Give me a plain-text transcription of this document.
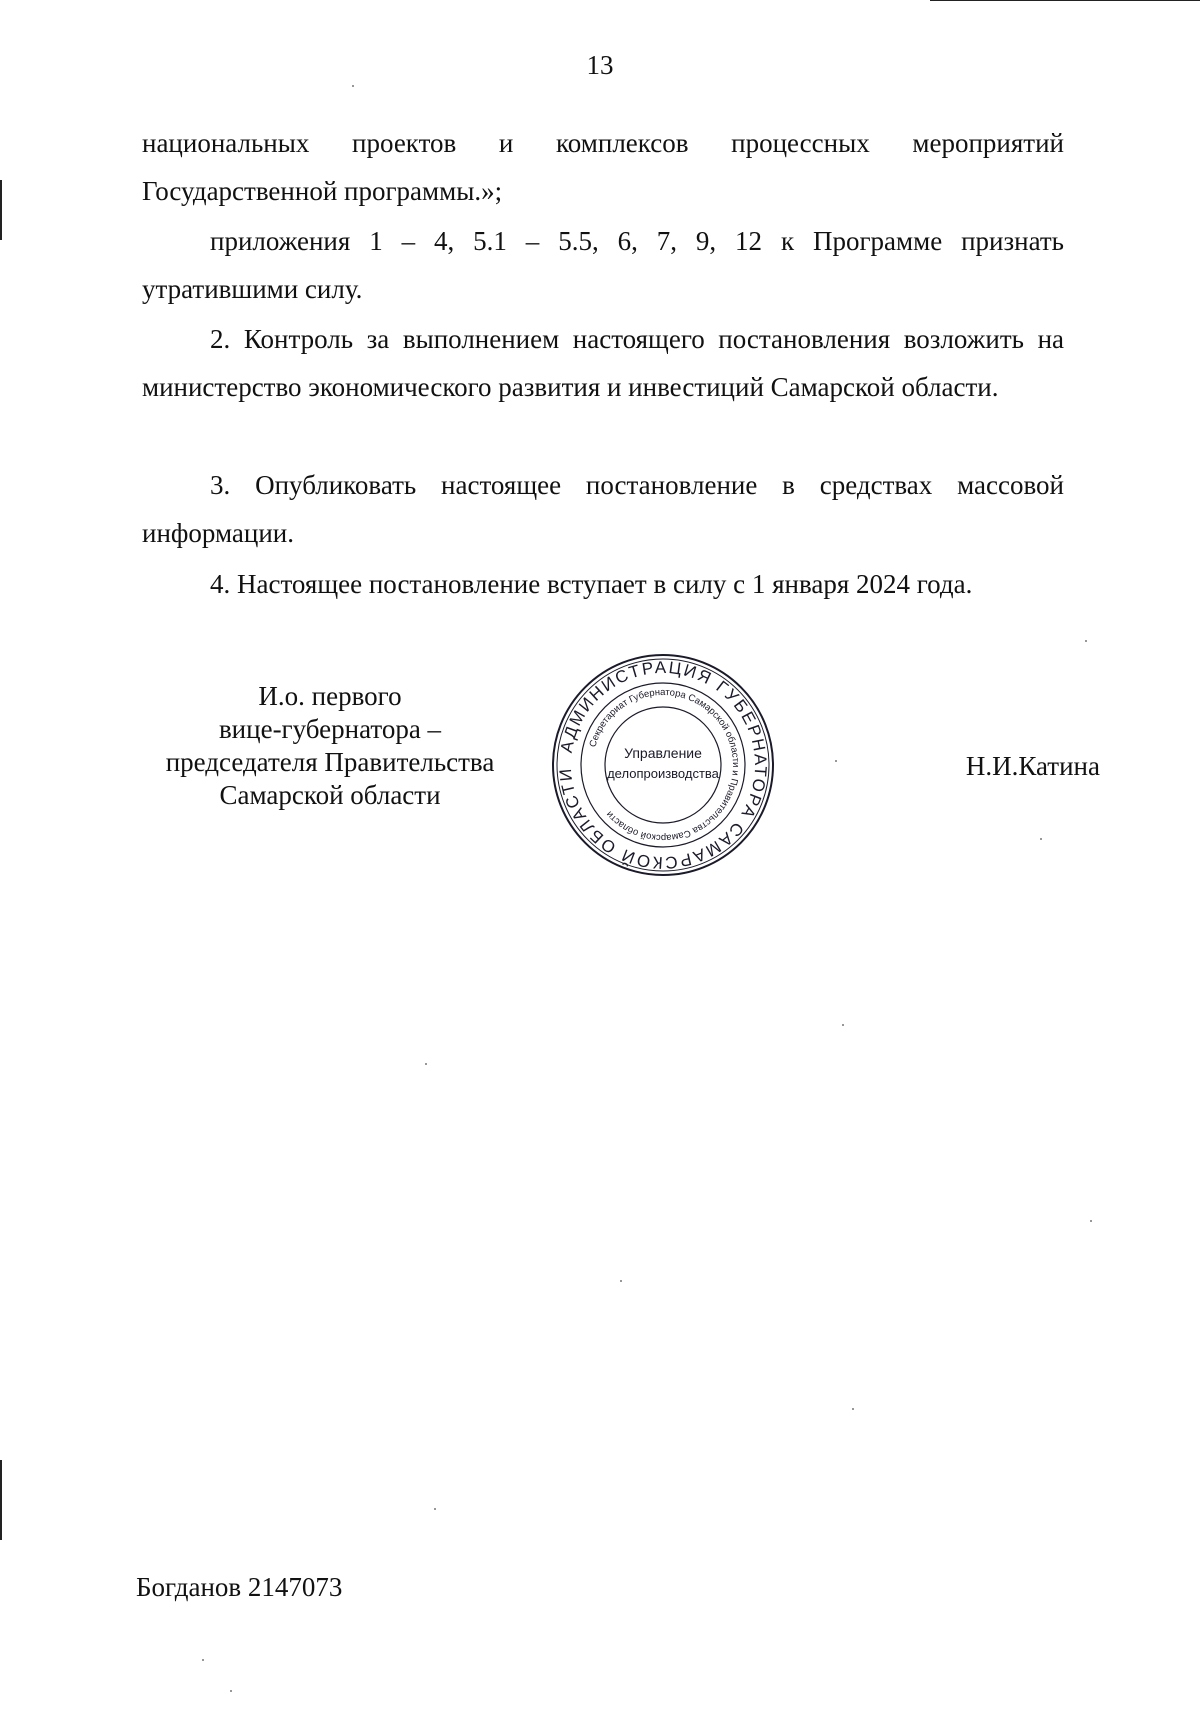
13

национальных проектов и комплексов процессных мероприятий Государственной программы.»;

приложения 1 – 4, 5.1 – 5.5, 6, 7, 9, 12 к Программе признать утратившими силу.

2. Контроль за выполнением настоящего постановления возложить на министерство экономического развития и инвестиций Самарской области.

3. Опубликовать настоящее постановление в средствах массовой информации.

4. Настоящее постановление вступает в силу с 1 января 2024 года.

И.о. первого
вице-губернатора –
председателя Правительства
Самарской области
АДМИНИСТРАЦИЯ ГУБЕРНАТОРА САМАРСКОЙ ОБЛАСТИ
Секретариат Губернатора Самарской области и Правительства Самарской области
Управление
делопроизводства	Н.И.Катина
Богданов 2147073
